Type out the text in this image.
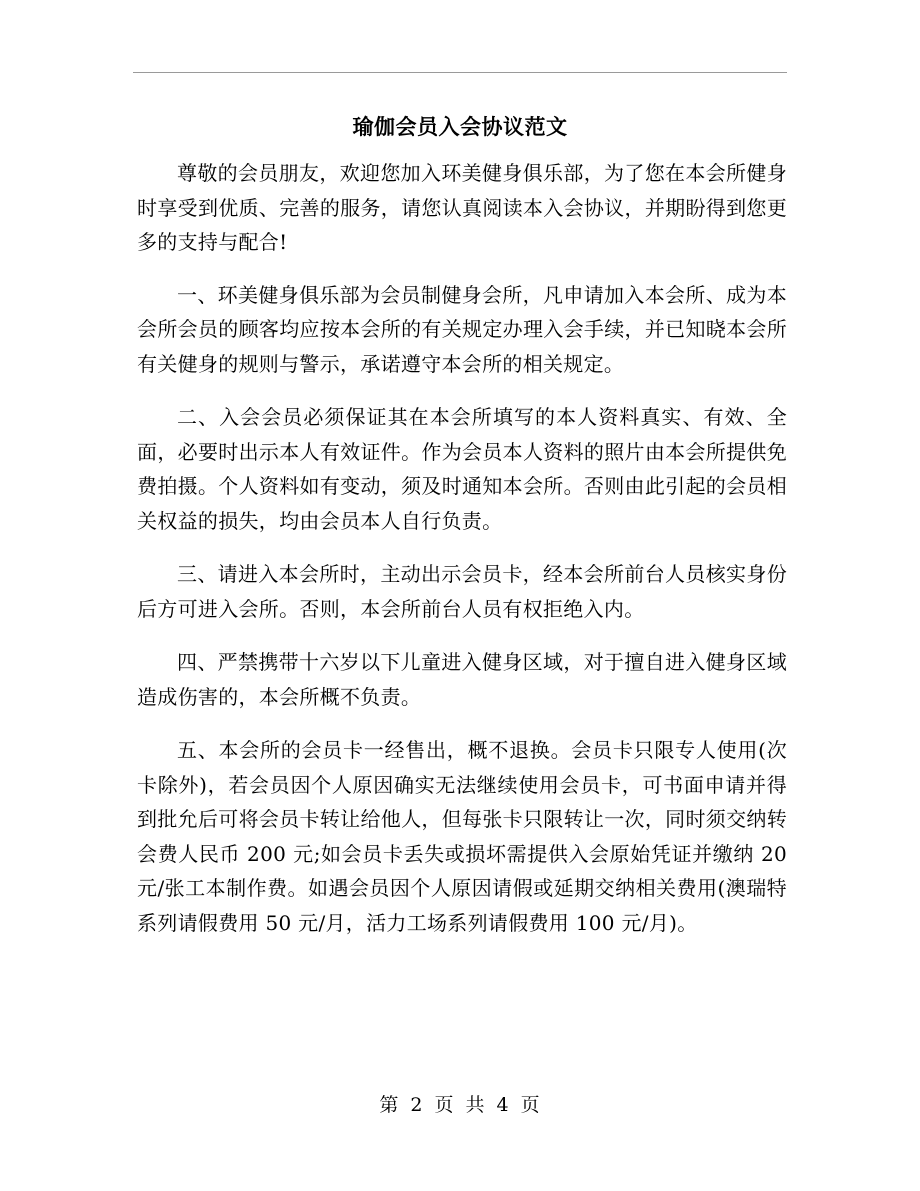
瑜伽会员入会协议范文

尊敬的会员朋友，欢迎您加入环美健身俱乐部，为了您在本会所健身时享受到优质、完善的服务，请您认真阅读本入会协议，并期盼得到您更多的支持与配合!

一、环美健身俱乐部为会员制健身会所，凡申请加入本会所、成为本会所会员的顾客均应按本会所的有关规定办理入会手续，并已知晓本会所有关健身的规则与警示，承诺遵守本会所的相关规定。

二、入会会员必须保证其在本会所填写的本人资料真实、有效、全面，必要时出示本人有效证件。作为会员本人资料的照片由本会所提供免费拍摄。个人资料如有变动，须及时通知本会所。否则由此引起的会员相关权益的损失，均由会员本人自行负责。

三、请进入本会所时，主动出示会员卡，经本会所前台人员核实身份后方可进入会所。否则，本会所前台人员有权拒绝入内。

四、严禁携带十六岁以下儿童进入健身区域，对于擅自进入健身区域造成伤害的，本会所概不负责。

五、本会所的会员卡一经售出，概不退换。会员卡只限专人使用(次卡除外)，若会员因个人原因确实无法继续使用会员卡，可书面申请并得到批允后可将会员卡转让给他人，但每张卡只限转让一次，同时须交纳转会费人民币 200 元;如会员卡丢失或损坏需提供入会原始凭证并缴纳 20 元/张工本制作费。如遇会员因个人原因请假或延期交纳相关费用(澳瑞特系列请假费用 50 元/月，活力工场系列请假费用 100 元/月)。

第 2 页 共 4 页
